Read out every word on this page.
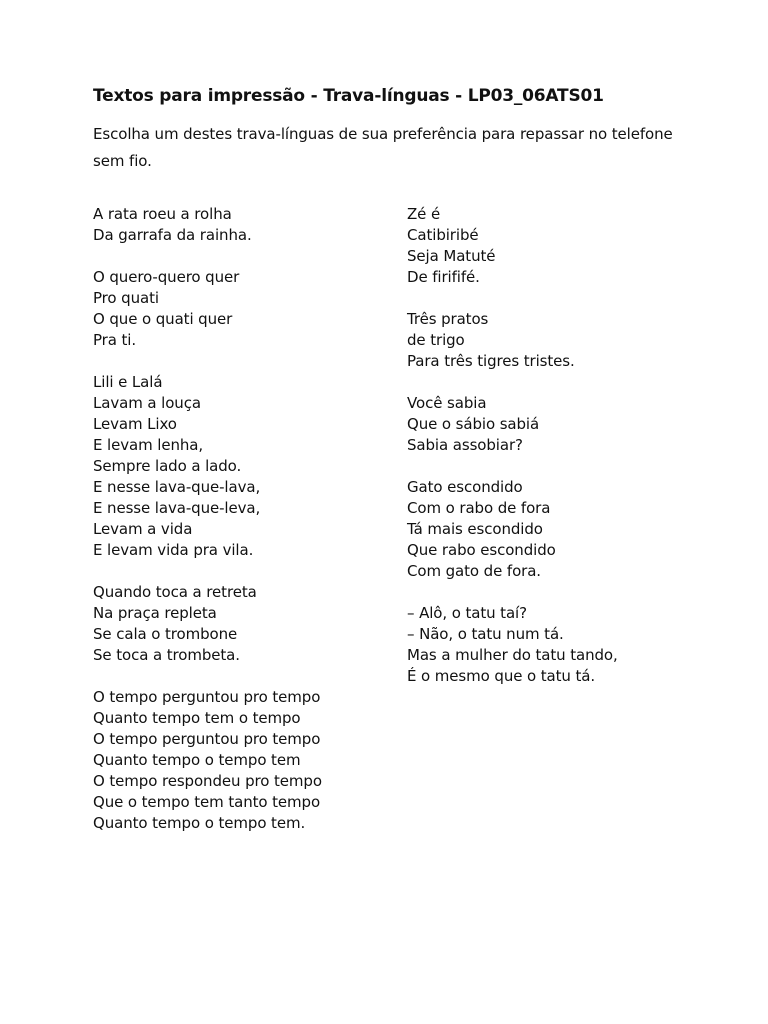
Textos para impressão - Trava-línguas - LP03_06ATS01
Escolha um destes trava-línguas de sua preferência para repassar no telefone sem fio.
A rata roeu a rolha
Da garrafa da rainha.
O quero-quero quer
Pro quati
O que o quati quer
Pra ti.
Lili e Lalá
Lavam a louça
Levam Lixo
E levam lenha,
Sempre lado a lado.
E nesse lava-que-lava,
E nesse lava-que-leva,
Levam a vida
E levam vida pra vila.
Quando toca a retreta
Na praça repleta
Se cala o trombone
Se toca a trombeta.
O tempo perguntou pro tempo
Quanto tempo tem o tempo
O tempo perguntou pro tempo
Quanto tempo o tempo tem
O tempo respondeu pro tempo
Que o tempo tem tanto tempo
Quanto tempo o tempo tem.
Zé é
Catibiribé
Seja Matuté
De firififé.
Três pratos
de trigo
Para três tigres tristes.
Você sabia
Que o sábio sabiá
Sabia assobiar?
Gato escondido
Com o rabo de fora
Tá mais escondido
Que rabo escondido
Com gato de fora.
– Alô, o tatu taí?
– Não, o tatu num tá.
Mas a mulher do tatu tando,
É o mesmo que o tatu tá.
